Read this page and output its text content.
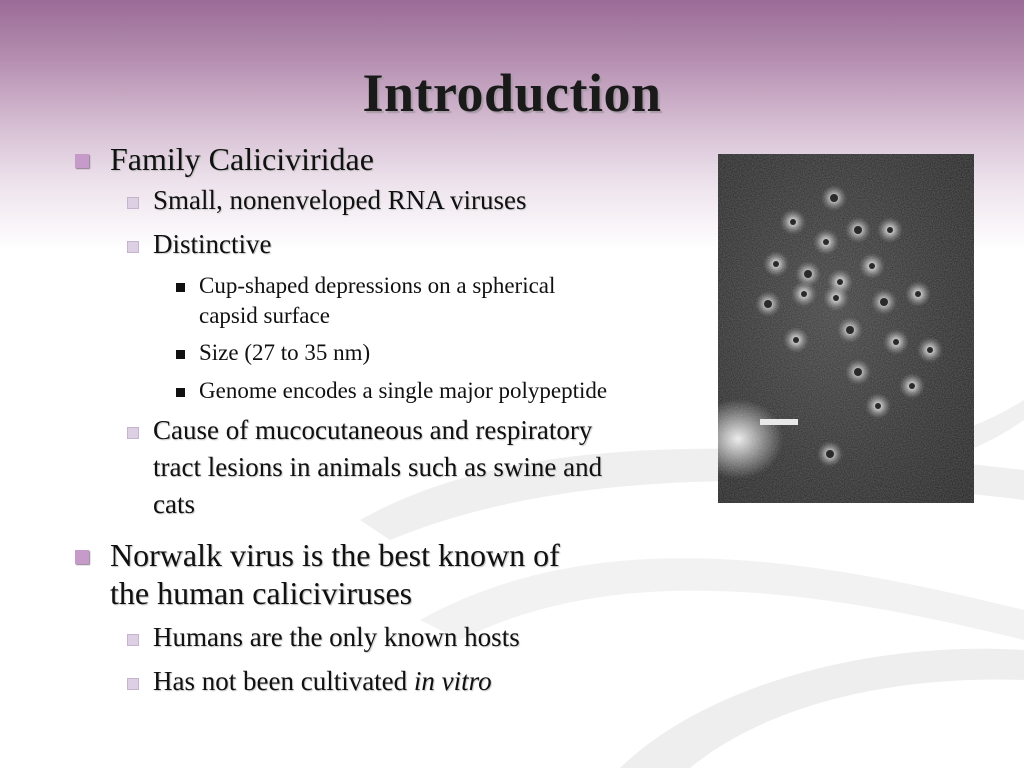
Introduction
Family Caliciviridae
Small, nonenveloped RNA viruses
Distinctive
Cup-shaped depressions on a spherical
capsid surface
Size (27 to 35 nm)
Genome encodes a single major polypeptide
Cause of mucocutaneous and respiratory
tract lesions in animals such as swine and
cats
Norwalk virus is the best known of
the human caliciviruses
Humans are the only known hosts
Has not been cultivated in vitro
